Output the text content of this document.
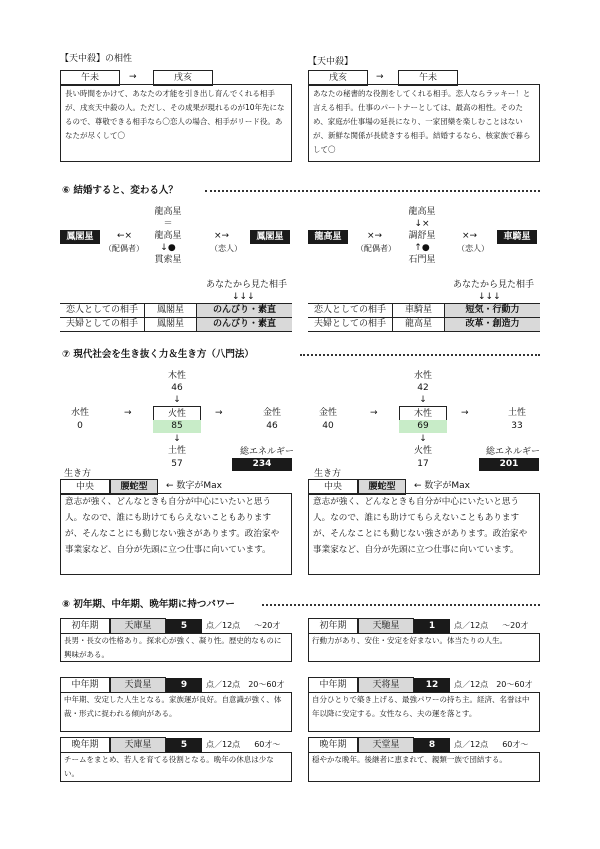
【天中殺】の相性
午未	→	戌亥
長い時間をかけて、あなたの才能を引き出し育んでくれる相手が、戌亥天中殺の人。ただし、その成果が現れるのが10年先になるので、尊敬できる相手なら〇恋人の場合、相手がリード役。あなたが尽くして〇
【天中殺】
戌亥	→	午未
あなたの秘書的な役割をしてくれる相手。恋人ならラッキー！と言える相手。仕事のパートナーとしては、最高の相性。そのため、家庭が仕事場の延長になり、一家団欒を楽しむことはないが、新鮮な関係が長続きする相手。結婚するなら、核家族で暮らして〇
⑥ 結婚すると、変わる人？
龍高星
＝
鳳閣星	←×
（配偶者）
龍高星
↓●
貫索星
×→
（恋人）
鳳閣星
龍高星
↓×
龍高星	×→
（配偶者）
調舒星
↑●
石門星
×→
（恋人）
車騎星
あなたから見た相手
↓↓↓
あなたから見た相手
↓↓↓
恋人としての相手	鳳閣星	のんびり・素直
夫婦としての相手	鳳閣星	のんびり・素直
恋人としての相手	車騎星	短気・行動力
夫婦としての相手	龍高星	改革・創造力
⑦ 現代社会を生き抜く力＆生き方（八門法）
木性
46
↓
水性
0
→	火性
85
→	金性
46
↓
土性
57
総エネルギー
234
生き方
中央	腰蛇型	← 数字がMax
意志が強く、どんなときも自分が中心にいたいと思う人。なので、誰にも助けてもらえないこともありますが、そんなことにも動じない強さがあります。政治家や事業家など、自分が先頭に立つ仕事に向いています。
水性
42
↓
金性
40
→	木性
69
→	土性
33
↓
火性
17
総エネルギー
201
生き方
中央	腰蛇型	← 数字がMax
意志が強く、どんなときも自分が中心にいたいと思う人。なので、誰にも助けてもらえないこともありますが、そんなことにも動じない強さがあります。政治家や事業家など、自分が先頭に立つ仕事に向いています。
⑧ 初年期、中年期、晩年期に持つパワー
初年期	天庫星	5	点／12点 ～20才
長男・長女の性格あり。探求心が強く、凝り性。歴史的なものに興味がある。
中年期	天貴星	9	点／12点 20～60才
中年期、安定した人生となる。家族運が良好。自意識が強く、体裁・形式に捉われる傾向がある。
晩年期	天庫星	5	点／12点 60才～
チームをまとめ、若人を育てる役割となる。晩年の休息は少ない。
初年期	天馳星	1	点／12点 ～20才
行動力があり、安住・安定を好まない。体当たりの人生。
中年期	天将星	12	点／12点 20～60才
自分ひとりで築き上げる、最強パワーの持ち主。経済、名誉は中年以降に安定する。女性なら、夫の運を落とす。
晩年期	天堂星	8	点／12点 60才～
穏やかな晩年。後継者に恵まれて、親類一族で団結する。
